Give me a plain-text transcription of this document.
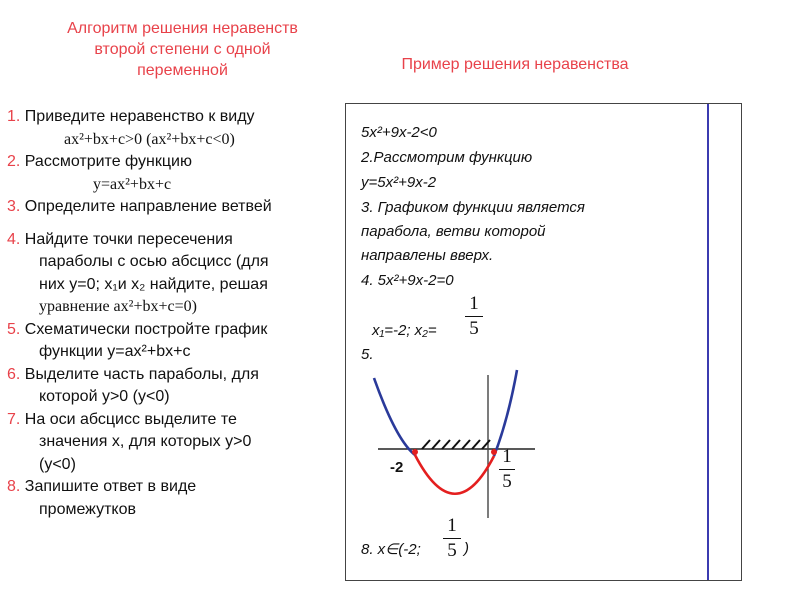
Алгоритм решения неравенств
второй степени с одной
переменной	Пример решения неравенства
1. Приведите неравенство к виду
ax²+bx+c>0 (ax²+bx+c<0)
2. Рассмотрите функцию
y=ax²+bx+c
3. Определите направление ветвей
4. Найдите точки пересечения
параболы с осью абсцисс (для
них y=0; x₁и x₂ найдите, решая
уравнение ax²+bx+c=0)
5. Схематически постройте график
функции y=ax²+bx+c
6. Выделите часть параболы, для
которой y>0 (y<0)
7. На оси абсцисс выделите те
значения x, для которых y>0
(y<0)
8. Запишите ответ в виде
промежутков
5x²+9x-2<0
2.Рассмотрим функцию
y=5x²+9x-2
3. Графиком функции является
парабола, ветви которой
направлены вверх.
4. 5x²+9x-2=0
x₁=-2; x₂=
1
5
5.
-2
1
5
8. x∈(-2;
1
5 )
